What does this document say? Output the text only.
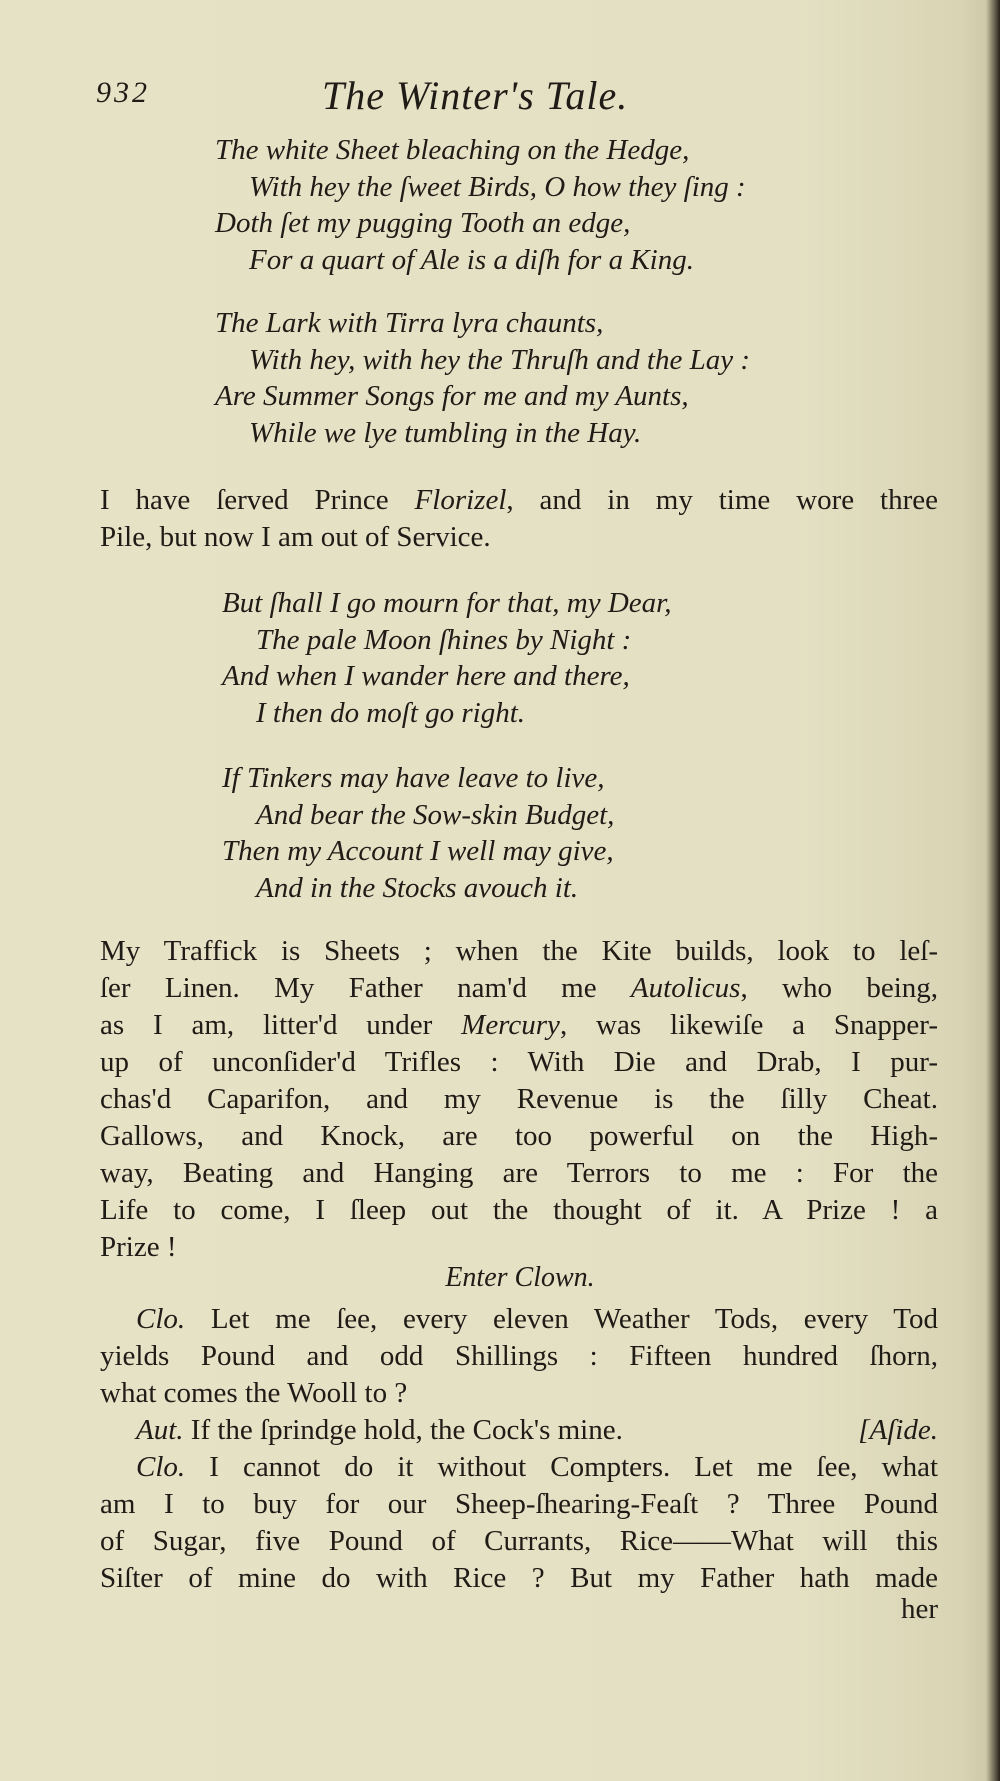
932	The Winter's Tale.
The white Sheet bleaching on the Hedge,
With hey the ſweet Birds, O how they ſing :
Doth ſet my pugging Tooth an edge,
For a quart of Ale is a diſh for a King.
The Lark with Tirra lyra chaunts,
With hey, with hey the Thruſh and the Lay :
Are Summer Songs for me and my Aunts,
While we lye tumbling in the Hay.
I have ſerved Prince Florizel, and in my time wore three
Pile, but now I am out of Service.
But ſhall I go mourn for that, my Dear,
The pale Moon ſhines by Night :
And when I wander here and there,
I then do moſt go right.
If Tinkers may have leave to live,
And bear the Sow-skin Budget,
Then my Account I well may give,
And in the Stocks avouch it.
My Traffick is Sheets ; when the Kite builds, look to leſ-
ſer Linen. My Father nam'd me Autolicus, who being,
as I am, litter'd under Mercury, was likewiſe a Snapper-
up of unconſider'd Trifles : With Die and Drab, I pur-
chas'd Caparifon, and my Revenue is the ſilly Cheat.
Gallows, and Knock, are too powerful on the High-
way, Beating and Hanging are Terrors to me : For the
Life to come, I ſleep out the thought of it. A Prize ! a
Prize !
Enter Clown.
Clo. Let me ſee, every eleven Weather Tods, every Tod
yields Pound and odd Shillings : Fifteen hundred ſhorn,
what comes the Wooll to ?
Aut. If the ſprindge hold, the Cock's mine.	[Aſide.
Clo. I cannot do it without Compters. Let me ſee, what
am I to buy for our Sheep-ſhearing-Feaſt ? Three Pound
of Sugar, five Pound of Currants, Rice——What will this
Siſter of mine do with Rice ? But my Father hath made
her
